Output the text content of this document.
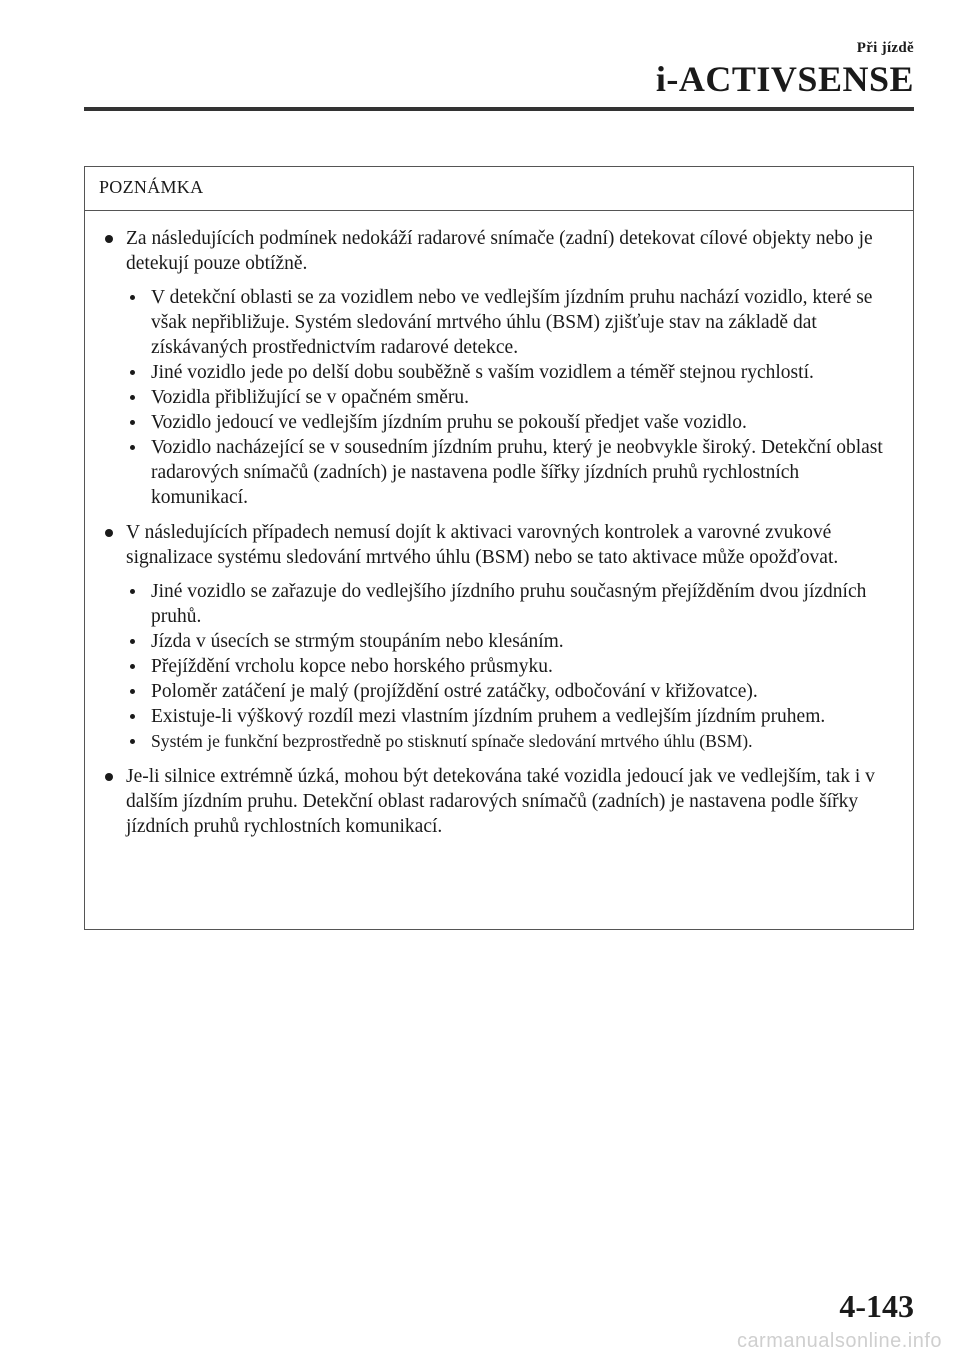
Při jízdě
i-ACTIVSENSE
POZNÁMKA
Za následujících podmínek nedokáží radarové snímače (zadní) detekovat cílové objekty nebo je detekují pouze obtížně.
V detekční oblasti se za vozidlem nebo ve vedlejším jízdním pruhu nachází vozidlo, které se však nepřibližuje. Systém sledování mrtvého úhlu (BSM) zjišťuje stav na základě dat získávaných prostřednictvím radarové detekce.
Jiné vozidlo jede po delší dobu souběžně s vaším vozidlem a téměř stejnou rychlostí.
Vozidla přibližující se v opačném směru.
Vozidlo jedoucí ve vedlejším jízdním pruhu se pokouší předjet vaše vozidlo.
Vozidlo nacházející se v sousedním jízdním pruhu, který je neobvykle široký. Detekční oblast radarových snímačů (zadních) je nastavena podle šířky jízdních pruhů rychlostních komunikací.
V následujících případech nemusí dojít k aktivaci varovných kontrolek a varovné zvukové signalizace systému sledování mrtvého úhlu (BSM) nebo se tato aktivace může opožďovat.
Jiné vozidlo se zařazuje do vedlejšího jízdního pruhu současným přejížděním dvou jízdních pruhů.
Jízda v úsecích se strmým stoupáním nebo klesáním.
Přejíždění vrcholu kopce nebo horského průsmyku.
Poloměr zatáčení je malý (projíždění ostré zatáčky, odbočování v křižovatce).
Existuje-li výškový rozdíl mezi vlastním jízdním pruhem a vedlejším jízdním pruhem.
Systém je funkční bezprostředně po stisknutí spínače sledování mrtvého úhlu (BSM).
Je-li silnice extrémně úzká, mohou být detekována také vozidla jedoucí jak ve vedlejším, tak i v dalším jízdním pruhu. Detekční oblast radarových snímačů (zadních) je nastavena podle šířky jízdních pruhů rychlostních komunikací.
4-143
carmanualsonline.info
